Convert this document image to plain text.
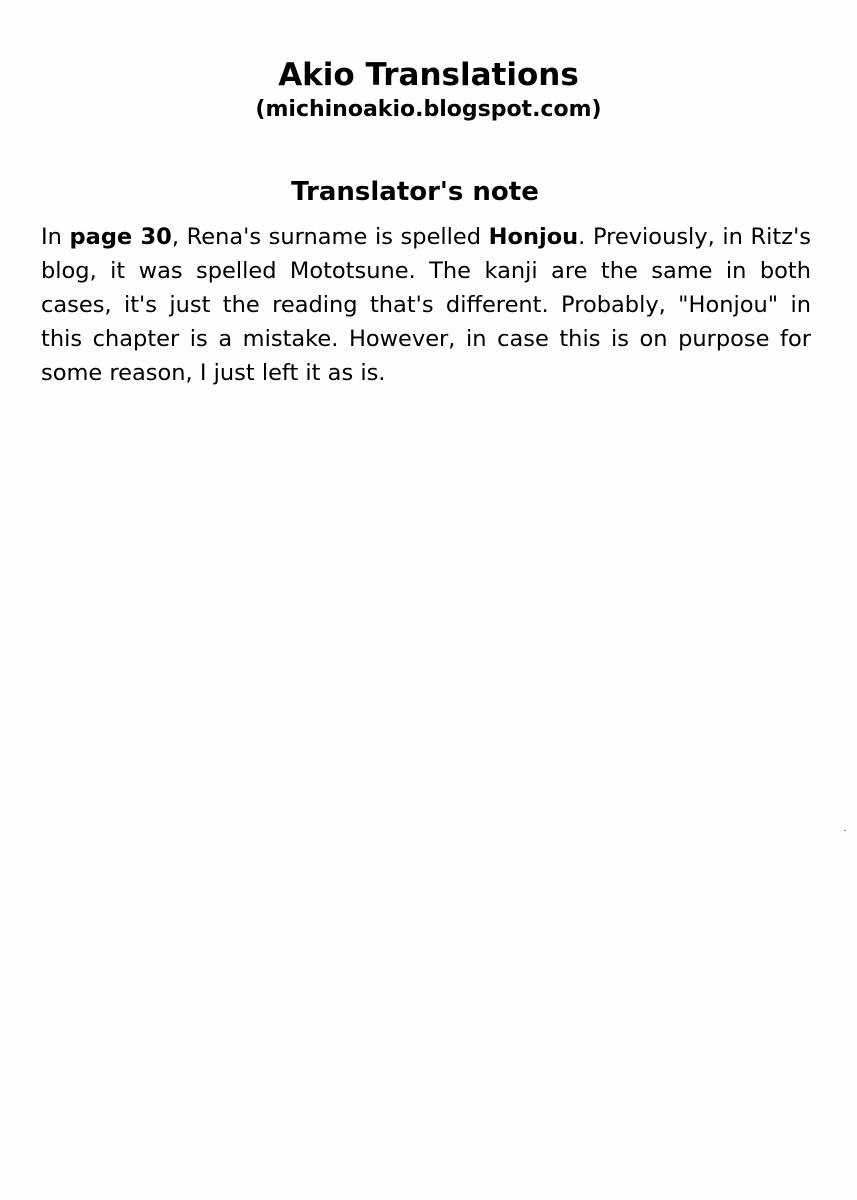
Akio Translations
(michinoakio.blogspot.com)
Translator's note

In page 30, Rena's surname is spelled Honjou. Previously, in Ritz's blog, it was spelled Mototsune. The kanji are the same in both cases, it's just the reading that's different. Probably, "Honjou" in this chapter is a mistake. However, in case this is on purpose for some reason, I just left it as is.
